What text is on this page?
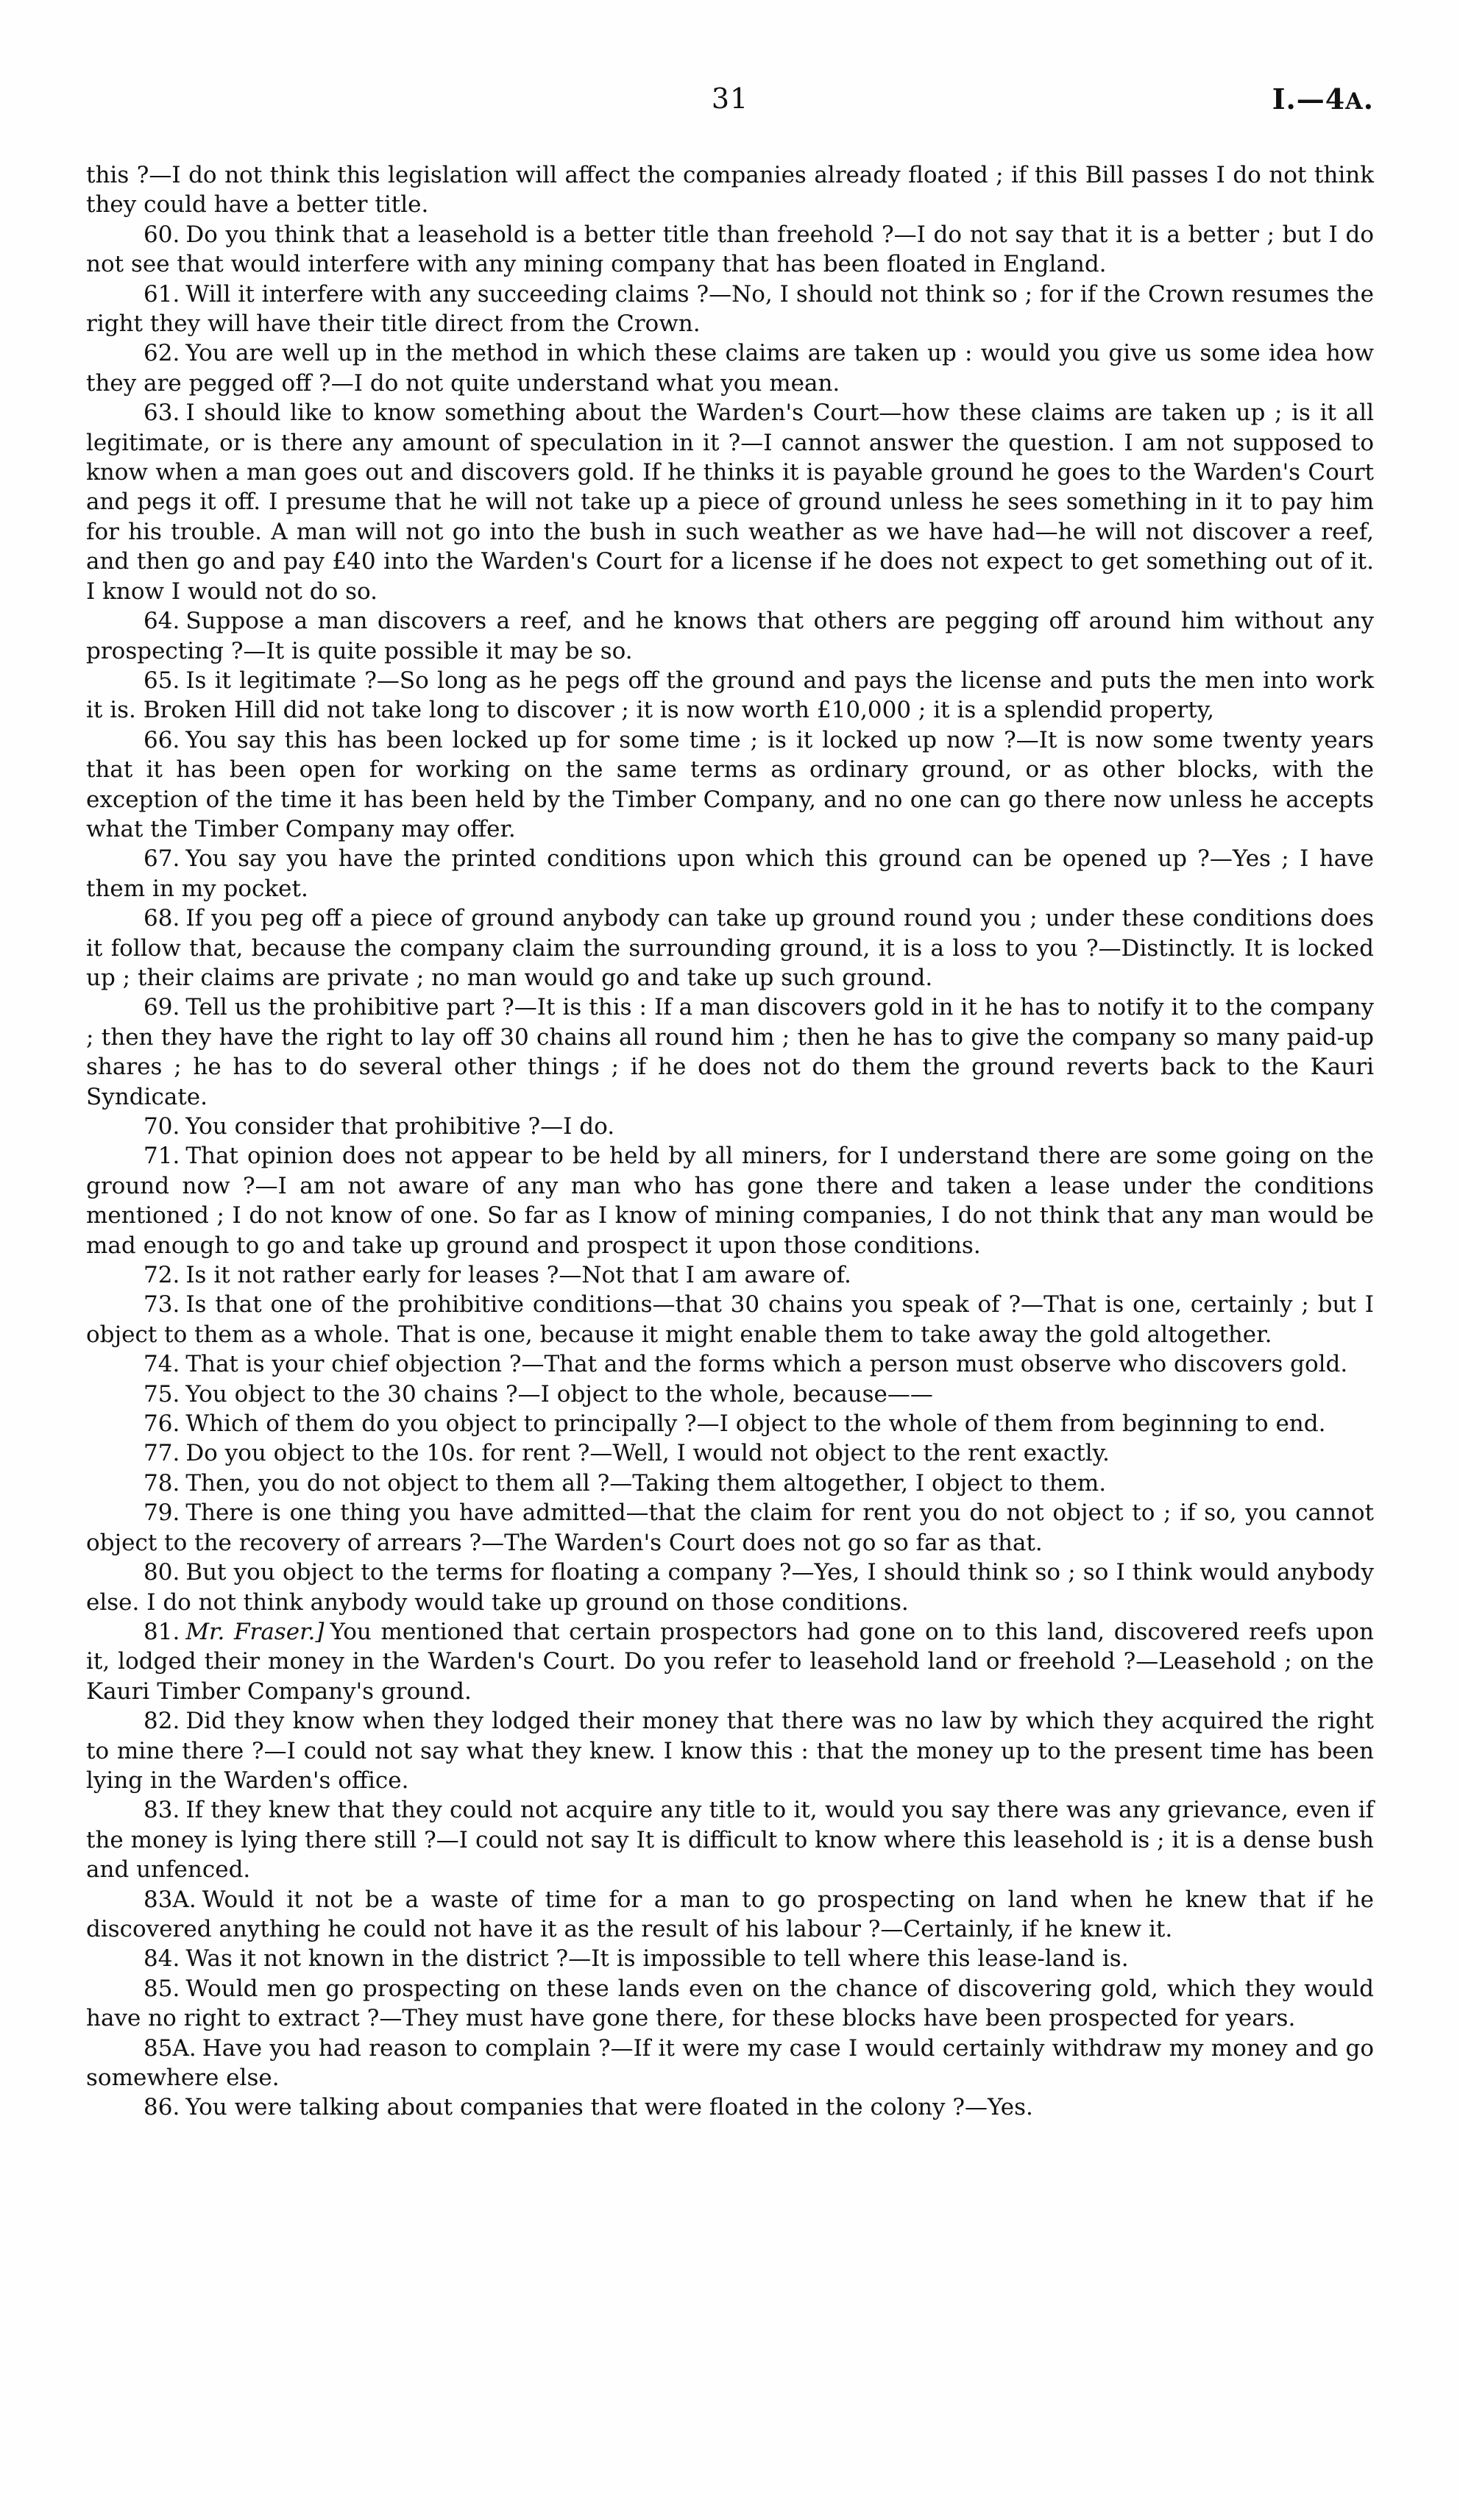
31	I.—4A.

this ?—I do not think this legislation will affect the companies already floated ; if this Bill passes I do not think they could have a better title.

60. Do you think that a leasehold is a better title than freehold ?—I do not say that it is a better ; but I do not see that would interfere with any mining company that has been floated in England.

61. Will it interfere with any succeeding claims ?—No, I should not think so ; for if the Crown resumes the right they will have their title direct from the Crown.

62. You are well up in the method in which these claims are taken up : would you give us some idea how they are pegged off ?—I do not quite understand what you mean.

63. I should like to know something about the Warden's Court—how these claims are taken up ; is it all legitimate, or is there any amount of speculation in it ?—I cannot answer the question. I am not supposed to know when a man goes out and discovers gold. If he thinks it is payable ground he goes to the Warden's Court and pegs it off. I presume that he will not take up a piece of ground unless he sees something in it to pay him for his trouble. A man will not go into the bush in such weather as we have had—he will not discover a reef, and then go and pay £40 into the Warden's Court for a license if he does not expect to get something out of it. I know I would not do so.

64. Suppose a man discovers a reef, and he knows that others are pegging off around him without any prospecting ?—It is quite possible it may be so.

65. Is it legitimate ?—So long as he pegs off the ground and pays the license and puts the men into work it is. Broken Hill did not take long to discover ; it is now worth £10,000 ; it is a splendid property,

66. You say this has been locked up for some time ; is it locked up now ?—It is now some twenty years that it has been open for working on the same terms as ordinary ground, or as other blocks, with the exception of the time it has been held by the Timber Company, and no one can go there now unless he accepts what the Timber Company may offer.

67. You say you have the printed conditions upon which this ground can be opened up ?—Yes ; I have them in my pocket.

68. If you peg off a piece of ground anybody can take up ground round you ; under these conditions does it follow that, because the company claim the surrounding ground, it is a loss to you ?—Distinctly. It is locked up ; their claims are private ; no man would go and take up such ground.

69. Tell us the prohibitive part ?—It is this : If a man discovers gold in it he has to notify it to the company ; then they have the right to lay off 30 chains all round him ; then he has to give the company so many paid-up shares ; he has to do several other things ; if he does not do them the ground reverts back to the Kauri Syndicate.

70. You consider that prohibitive ?—I do.

71. That opinion does not appear to be held by all miners, for I understand there are some going on the ground now ?—I am not aware of any man who has gone there and taken a lease under the conditions mentioned ; I do not know of one. So far as I know of mining companies, I do not think that any man would be mad enough to go and take up ground and prospect it upon those conditions.

72. Is it not rather early for leases ?—Not that I am aware of.

73. Is that one of the prohibitive conditions—that 30 chains you speak of ?—That is one, certainly ; but I object to them as a whole. That is one, because it might enable them to take away the gold altogether.

74. That is your chief objection ?—That and the forms which a person must observe who discovers gold.

75. You object to the 30 chains ?—I object to the whole, because——

76. Which of them do you object to principally ?—I object to the whole of them from beginning to end.

77. Do you object to the 10s. for rent ?—Well, I would not object to the rent exactly.

78. Then, you do not object to them all ?—Taking them altogether, I object to them.

79. There is one thing you have admitted—that the claim for rent you do not object to ; if so, you cannot object to the recovery of arrears ?—The Warden's Court does not go so far as that.

80. But you object to the terms for floating a company ?—Yes, I should think so ; so I think would anybody else. I do not think anybody would take up ground on those conditions.

81. Mr. Fraser.] You mentioned that certain prospectors had gone on to this land, discovered reefs upon it, lodged their money in the Warden's Court. Do you refer to leasehold land or freehold ?—Leasehold ; on the Kauri Timber Company's ground.

82. Did they know when they lodged their money that there was no law by which they acquired the right to mine there ?—I could not say what they knew. I know this : that the money up to the present time has been lying in the Warden's office.

83. If they knew that they could not acquire any title to it, would you say there was any grievance, even if the money is lying there still ?—I could not say It is difficult to know where this leasehold is ; it is a dense bush and unfenced.

83A. Would it not be a waste of time for a man to go prospecting on land when he knew that if he discovered anything he could not have it as the result of his labour ?—Certainly, if he knew it.

84. Was it not known in the district ?—It is impossible to tell where this lease-land is.

85. Would men go prospecting on these lands even on the chance of discovering gold, which they would have no right to extract ?—They must have gone there, for these blocks have been prospected for years.

85A. Have you had reason to complain ?—If it were my case I would certainly withdraw my money and go somewhere else.

86. You were talking about companies that were floated in the colony ?—Yes.
